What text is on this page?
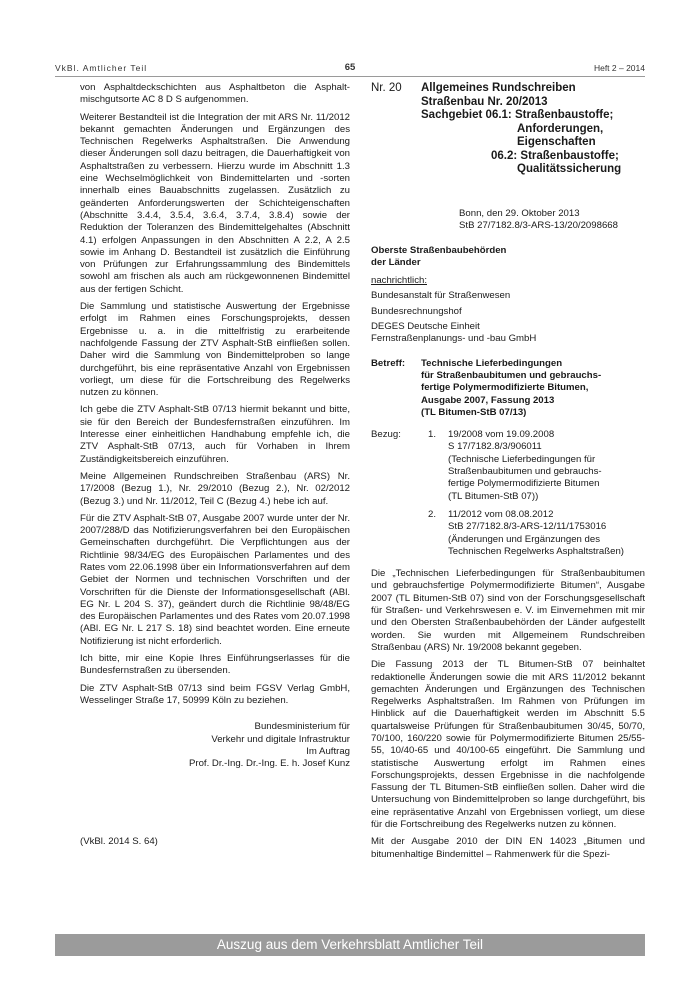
VkBl. Amtlicher Teil	65	Heft 2 – 2014

von Asphaltdeckschichten aus Asphaltbeton die Asphaltmischgutsorte AC 8 D S aufgenommen.

Weiterer Bestandteil ist die Integration der mit ARS Nr. 11/2012 bekannt gemachten Änderungen und Ergänzungen des Technischen Regelwerks Asphaltstraßen. Die Anwendung dieser Änderungen soll dazu beitragen, die Dauerhaftigkeit von Asphaltstraßen zu verbessern. Hierzu wurde im Abschnitt 1.3 eine Wechselmöglichkeit von Bindemittelarten und -sorten innerhalb eines Bauabschnitts zugelassen. Zusätzlich zu geänderten Anforderungswerten der Schichteigenschaften (Abschnitte 3.4.4, 3.5.4, 3.6.4, 3.7.4, 3.8.4) sowie der Reduktion der Toleranzen des Bindemittelgehaltes (Abschnitt 4.1) erfolgen Anpassungen in den Abschnitten A 2.2, A 2.5 sowie im Anhang D. Bestandteil ist zusätzlich die Einführung von Prüfungen zur Erfahrungssammlung des Bindemittels sowohl am frischen als auch am rückgewonnenen Bindemittel aus der fertigen Schicht.

Die Sammlung und statistische Auswertung der Ergebnisse erfolgt im Rahmen eines Forschungsprojekts, dessen Ergebnisse u. a. in die mittelfristig zu erarbeitende nachfolgende Fassung der ZTV Asphalt-StB einfließen sollen. Daher wird die Sammlung von Bindemittelproben so lange durchgeführt, bis eine repräsentative Anzahl von Ergebnissen vorliegt, um diese für die Fortschreibung des Regelwerks nutzen zu können.

Ich gebe die ZTV Asphalt-StB 07/13 hiermit bekannt und bitte, sie für den Bereich der Bundesfernstraßen einzuführen. Im Interesse einer einheitlichen Handhabung empfehle ich, die ZTV Asphalt-StB 07/13, auch für Vorhaben in Ihrem Zuständigkeitsbereich einzuführen.

Meine Allgemeinen Rundschreiben Straßenbau (ARS) Nr. 17/2008 (Bezug 1.), Nr. 29/2010 (Bezug 2.), Nr. 02/2012 (Bezug 3.) und Nr. 11/2012, Teil C (Bezug 4.) hebe ich auf.

Für die ZTV Asphalt-StB 07, Ausgabe 2007 wurde unter der Nr. 2007/288/D das Notifizierungsverfahren bei den Europäischen Gemeinschaften durchgeführt. Die Verpflichtungen aus der Richtlinie 98/34/EG des Europäischen Parlamentes und des Rates vom 22.06.1998 über ein Informationsverfahren auf dem Gebiet der Normen und technischen Vorschriften und der Vorschriften für die Dienste der Informationsgesellschaft (ABl. EG Nr. L 204 S. 37), geändert durch die Richtlinie 98/48/EG des Europäischen Parlamentes und des Rates vom 20.07.1998 (ABl. EG Nr. L 217 S. 18) sind beachtet worden. Eine erneute Notifizierung ist nicht erforderlich.

Ich bitte, mir eine Kopie Ihres Einführungserlasses für die Bundesfernstraßen zu übersenden.

Die ZTV Asphalt-StB 07/13 sind beim FGSV Verlag GmbH, Wesselinger Straße 17, 50999 Köln zu beziehen.

Bundesministerium für
Verkehr und digitale Infrastruktur
Im Auftrag
Prof. Dr.-Ing. Dr.-Ing. E. h. Josef Kunz
(VkBl. 2014 S. 64)
Nr. 20 Allgemeines Rundschreiben
Straßenbau Nr. 20/2013
Sachgebiet 06.1: Straßenbaustoffe;
Anforderungen,
Eigenschaften
06.2: Straßenbaustoffe;
Qualitätssicherung
Bonn, den 29. Oktober 2013
StB 27/7182.8/3-ARS-13/20/2098668
Oberste Straßenbaubehörden
der Länder
nachrichtlich:
Bundesanstalt für Straßenwesen
Bundesrechnungshof
DEGES Deutsche Einheit
Fernstraßenplanungs- und -bau GmbH
Betreff:	Technische Lieferbedingungen
für Straßenbaubitumen und gebrauchs-
fertige Polymermodifizierte Bitumen,
Ausgabe 2007, Fassung 2013
(TL Bitumen-StB 07/13)
Bezug:	1.	19/2008 vom 19.09.2008
S 17/7182.8/3/906011
(Technische Lieferbedingungen für
Straßenbaubitumen und gebrauchs-
fertige Polymermodifizierte Bitumen
(TL Bitumen-StB 07))
2.	11/2012 vom 08.08.2012
StB 27/7182.8/3-ARS-12/11/1753016
(Änderungen und Ergänzungen des
Technischen Regelwerks Asphaltstraßen)

Die „Technischen Lieferbedingungen für Straßenbaubitumen und gebrauchsfertige Polymermodifizierte Bitumen“, Ausgabe 2007 (TL Bitumen-StB 07) sind von der Forschungsgesellschaft für Straßen- und Verkehrswesen e. V. im Einvernehmen mit mir und den Obersten Straßenbaubehörden der Länder aufgestellt worden. Sie wurden mit Allgemeinem Rundschreiben Straßenbau (ARS) Nr. 19/2008 bekannt gegeben.

Die Fassung 2013 der TL Bitumen-StB 07 beinhaltet redaktionelle Änderungen sowie die mit ARS 11/2012 bekannt gemachten Änderungen und Ergänzungen des Technischen Regelwerks Asphaltstraßen. Im Rahmen von Prüfungen im Hinblick auf die Dauerhaftigkeit werden im Abschnitt 5.5 quartalsweise Prüfungen für Straßenbaubitumen 30/45, 50/70, 70/100, 160/220 sowie für Polymermodifizierte Bitumen 25/55-55, 10/40-65 und 40/100-65 eingeführt. Die Sammlung und statistische Auswertung erfolgt im Rahmen eines Forschungsprojekts, dessen Ergebnisse in die nachfolgende Fassung der TL Bitumen-StB einfließen sollen. Daher wird die Untersuchung von Bindemittelproben so lange durchgeführt, bis eine repräsentative Anzahl von Ergebnissen vorliegt, um diese für die Fortschreibung des Regelwerks nutzen zu können.

Mit der Ausgabe 2010 der DIN EN 14023 „Bitumen und bitumenhaltige Bindemittel – Rahmenwerk für die Spezi-

Auszug aus dem Verkehrsblatt Amtlicher Teil
